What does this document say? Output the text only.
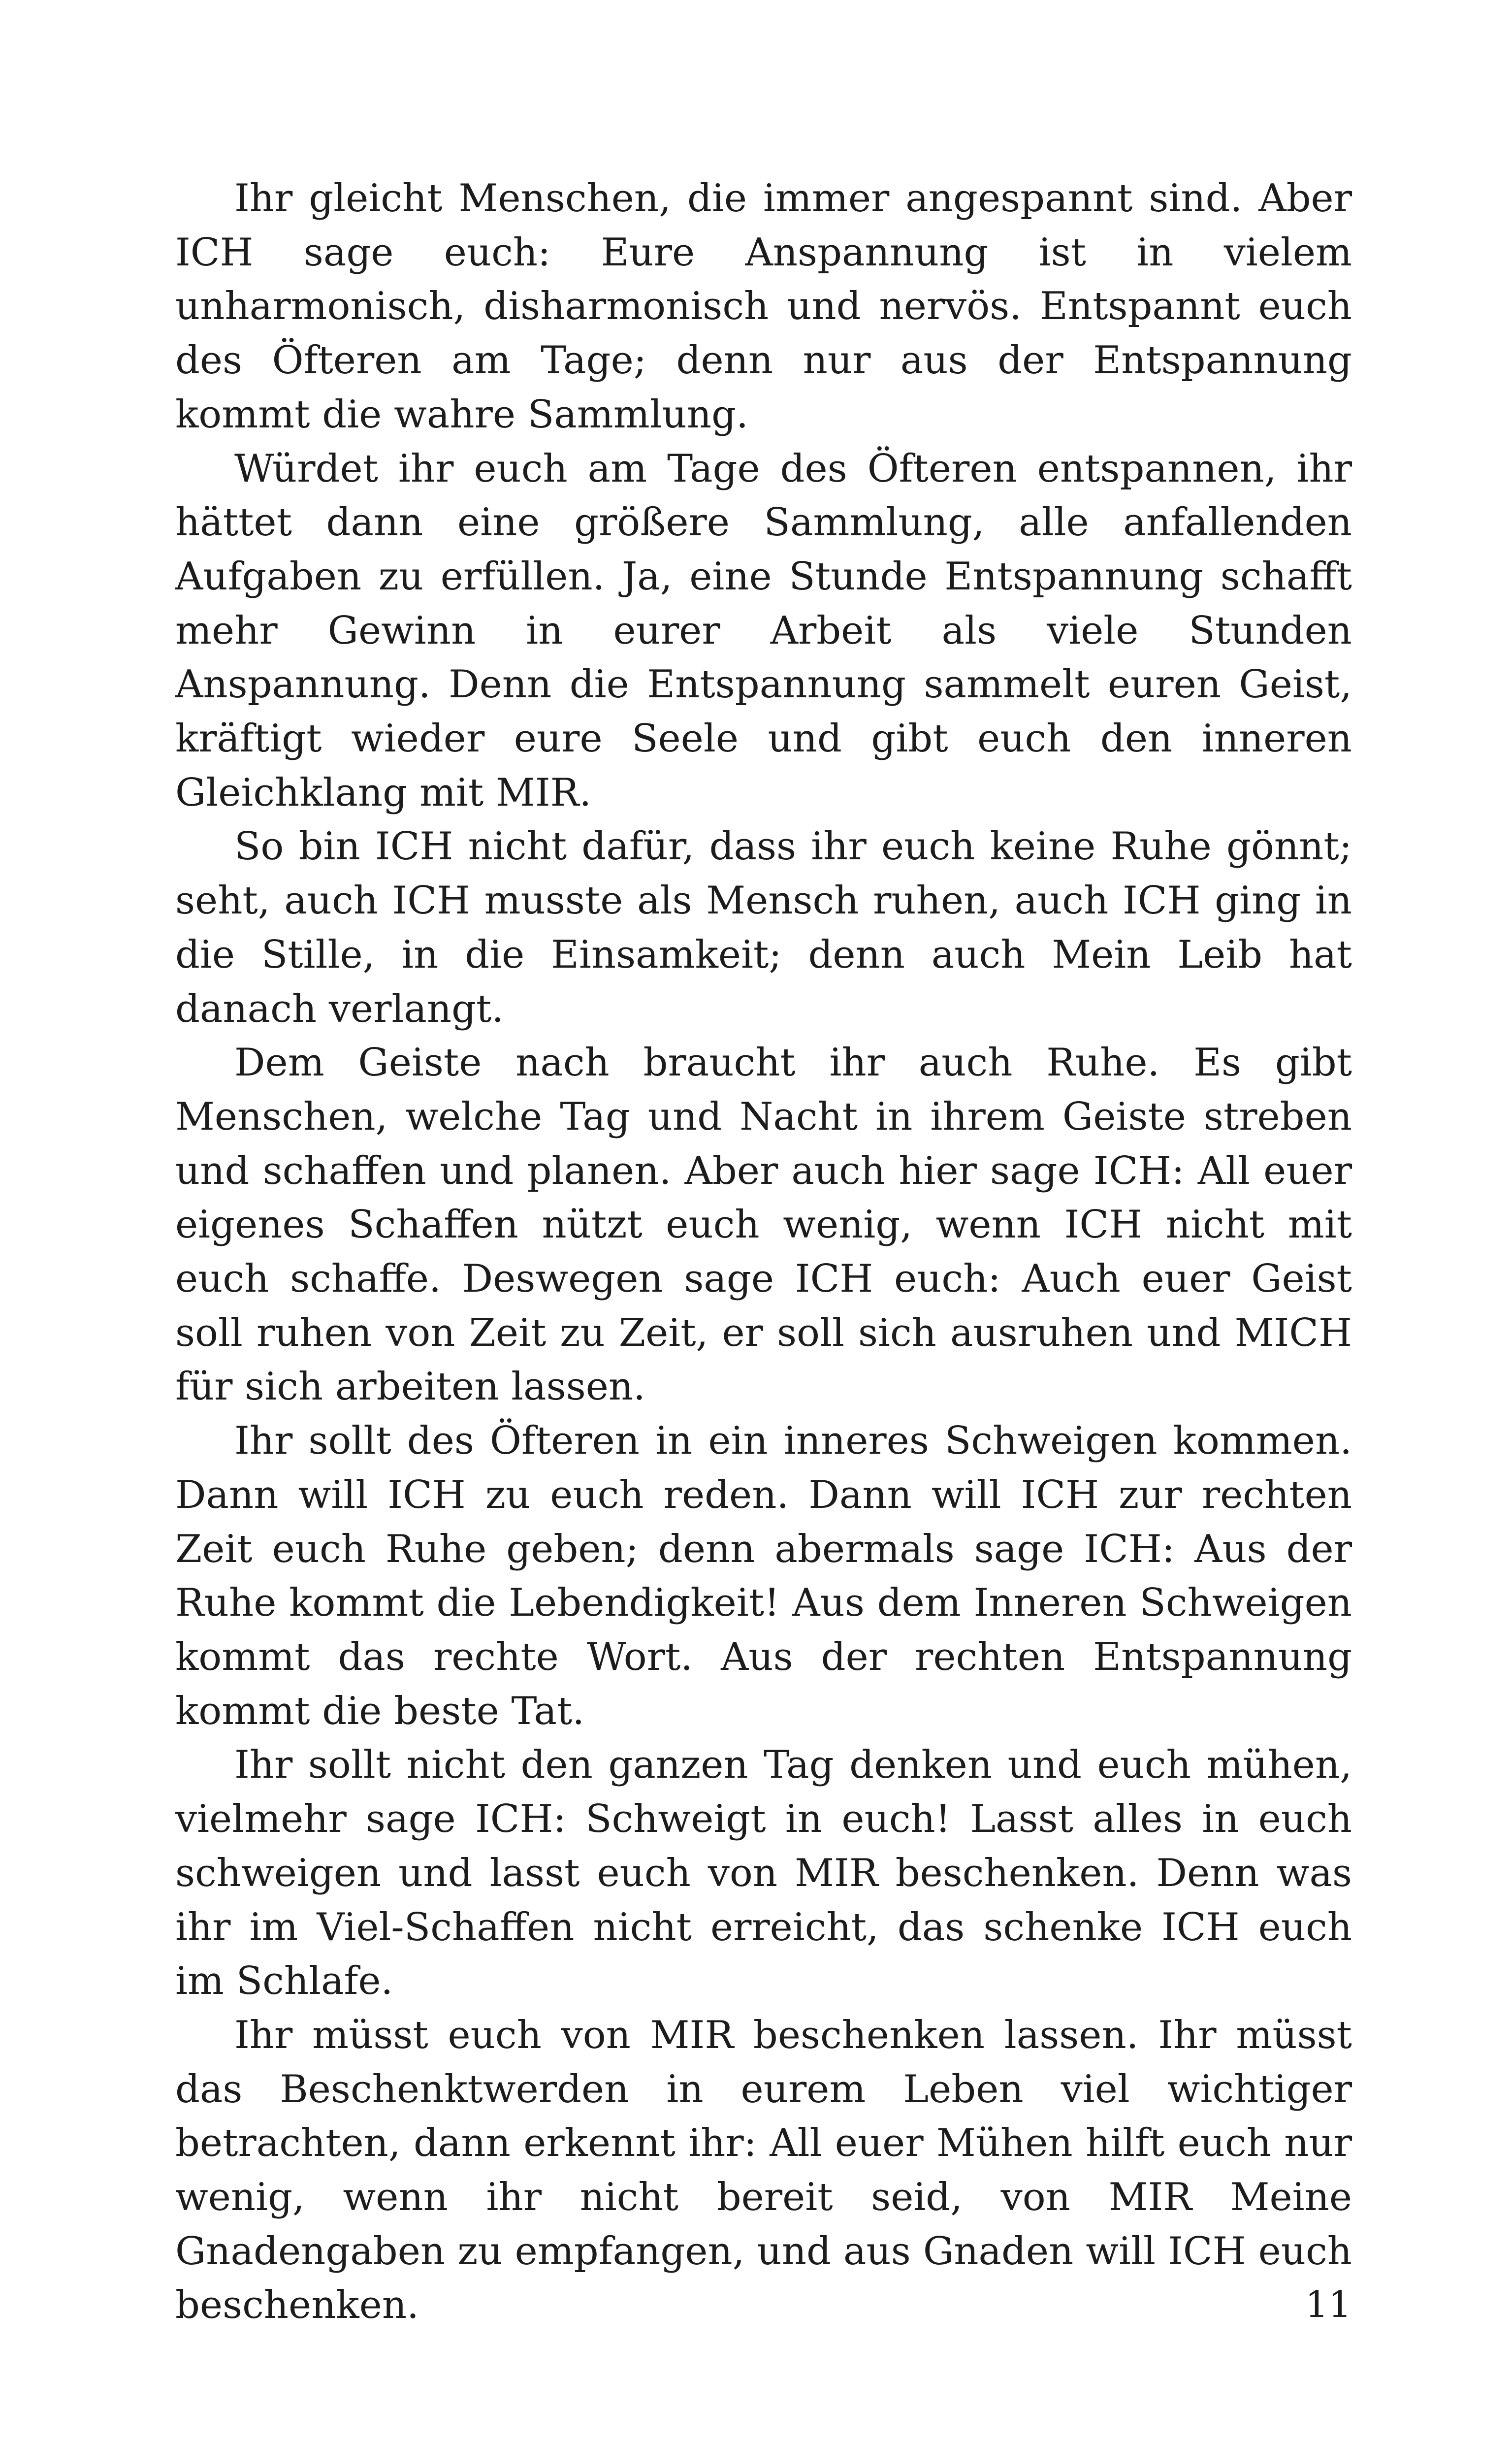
Ihr gleicht Menschen, die immer angespannt sind. Aber ICH sage euch: Eure Anspannung ist in vielem unharmonisch, disharmonisch und nervös. Entspannt euch des Öfteren am Tage; denn nur aus der Entspannung kommt die wahre Sammlung.

Würdet ihr euch am Tage des Öfteren entspannen, ihr hättet dann eine größere Sammlung, alle anfallenden Aufgaben zu erfüllen. Ja, eine Stunde Entspannung schafft mehr Gewinn in eurer Arbeit als viele Stunden Anspannung. Denn die Entspannung sammelt euren Geist, kräftigt wieder eure Seele und gibt euch den inneren Gleichklang mit MIR.

So bin ICH nicht dafür, dass ihr euch keine Ruhe gönnt; seht, auch ICH musste als Mensch ruhen, auch ICH ging in die Stille, in die Einsamkeit; denn auch Mein Leib hat danach verlangt.

Dem Geiste nach braucht ihr auch Ruhe. Es gibt Menschen, welche Tag und Nacht in ihrem Geiste streben und schaffen und planen. Aber auch hier sage ICH: All euer eigenes Schaffen nützt euch wenig, wenn ICH nicht mit euch schaffe. Deswegen sage ICH euch: Auch euer Geist soll ruhen von Zeit zu Zeit, er soll sich ausruhen und MICH für sich arbeiten lassen.

Ihr sollt des Öfteren in ein inneres Schweigen kommen. Dann will ICH zu euch reden. Dann will ICH zur rechten Zeit euch Ruhe geben; denn abermals sage ICH: Aus der Ruhe kommt die Lebendigkeit! Aus dem Inneren Schweigen kommt das rechte Wort. Aus der rechten Entspannung kommt die beste Tat.

Ihr sollt nicht den ganzen Tag denken und euch mühen, vielmehr sage ICH: Schweigt in euch! Lasst alles in euch schweigen und lasst euch von MIR beschenken. Denn was ihr im Viel-Schaffen nicht erreicht, das schenke ICH euch im Schlafe.

Ihr müsst euch von MIR beschenken lassen. Ihr müsst das Beschenktwerden in eurem Leben viel wichtiger betrachten, dann erkennt ihr: All euer Mühen hilft euch nur wenig, wenn ihr nicht bereit seid, von MIR Meine Gnadengaben zu empfangen, und aus Gnaden will ICH euch beschenken.	11
